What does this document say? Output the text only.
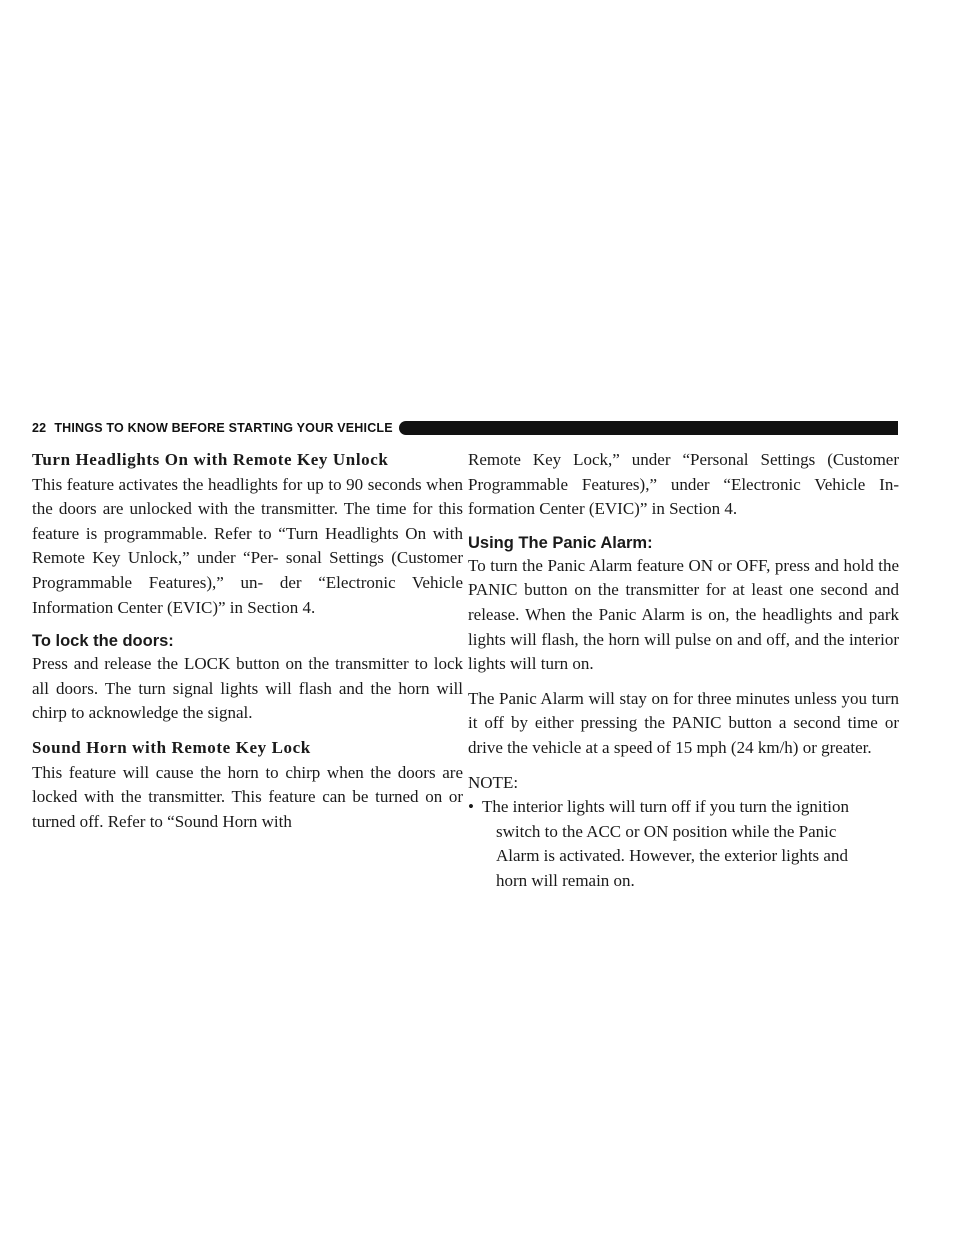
22 THINGS TO KNOW BEFORE STARTING YOUR VEHICLE
Turn Headlights On with Remote Key Unlock

This feature activates the headlights for up to 90 seconds when the doors are unlocked with the transmitter. The time for this feature is programmable. Refer to “Turn Headlights On with Remote Key Unlock,” under “Per- sonal Settings (Customer Programmable Features),” un- der “Electronic Vehicle Information Center (EVIC)” in Section 4.

To lock the doors:

Press and release the LOCK button on the transmitter to lock all doors. The turn signal lights will flash and the horn will chirp to acknowledge the signal.

Sound Horn with Remote Key Lock

This feature will cause the horn to chirp when the doors are locked with the transmitter. This feature can be turned on or turned off. Refer to “Sound Horn with

Remote Key Lock,” under “Personal Settings (Customer Programmable Features),” under “Electronic Vehicle In- formation Center (EVIC)” in Section 4.

Using The Panic Alarm:

To turn the Panic Alarm feature ON or OFF, press and hold the PANIC button on the transmitter for at least one second and release. When the Panic Alarm is on, the headlights and park lights will flash, the horn will pulse on and off, and the interior lights will turn on.

The Panic Alarm will stay on for three minutes unless you turn it off by either pressing the PANIC button a second time or drive the vehicle at a speed of 15 mph (24 km/h) or greater.

NOTE:

• The interior lights will turn off if you turn the ignition
switch to the ACC or ON position while the Panic
Alarm is activated. However, the exterior lights and
horn will remain on.
